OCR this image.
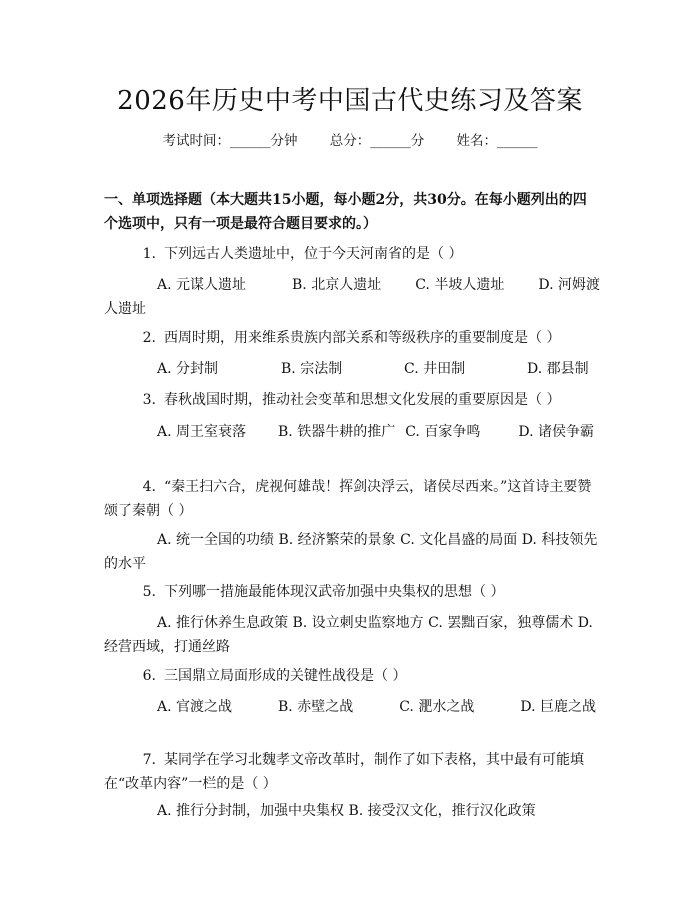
2026年历史中考中国古代史练习及答案
考试时间：______分钟 总分：______分 姓名：______
一、单项选择题（本大题共15小题，每小题2分，共30分。在每小题列出的四个选项中，只有一项是最符合题目要求的。）
1. 下列远古人类遗址中，位于今天河南省的是（ ）
A. 元谋人遗址	B. 北京人遗址 C. 半坡人遗址 D. 河姆渡人遗址
2. 西周时期，用来维系贵族内部关系和等级秩序的重要制度是（ ）
A. 分封制	B. 宗法制	C. 井田制	D. 郡县制
3. 春秋战国时期，推动社会变革和思想文化发展的重要原因是（ ）
A. 周王室衰落 B. 铁器牛耕的推广 C. 百家争鸣	D. 诸侯争霸
4. “秦王扫六合，虎视何雄哉！挥剑决浮云，诸侯尽西来。”这首诗主要赞颂了秦朝（ ）
A. 统一全国的功绩 B. 经济繁荣的景象 C. 文化昌盛的局面 D. 科技领先的水平
5. 下列哪一措施最能体现汉武帝加强中央集权的思想（ ）
A. 推行休养生息政策 B. 设立刺史监察地方 C. 罢黜百家，独尊儒术 D. 经营西域，打通丝路
6. 三国鼎立局面形成的关键性战役是（ ）
A. 官渡之战	B. 赤壁之战	C. 淝水之战	D. 巨鹿之战
7. 某同学在学习北魏孝文帝改革时，制作了如下表格，其中最有可能填在“改革内容”一栏的是（ ）
A. 推行分封制，加强中央集权 B. 接受汉文化，推行汉化政策
